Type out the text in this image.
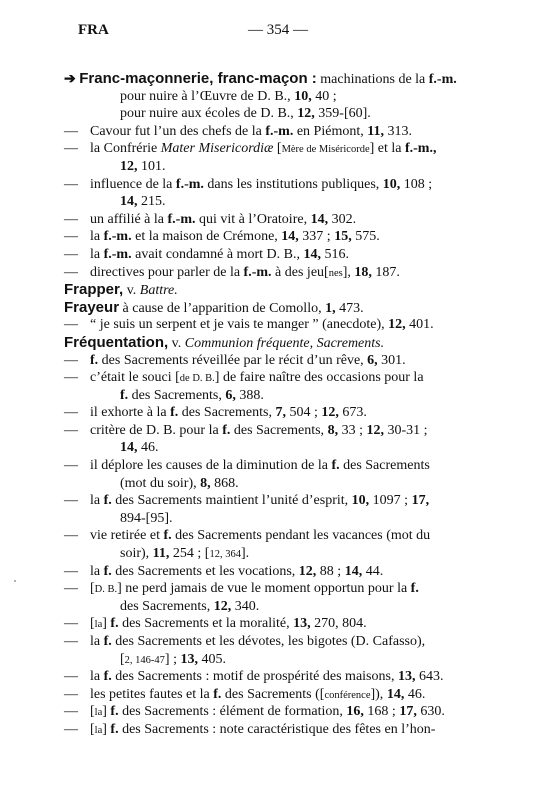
FRA	— 354 —
➔ Franc-maçonnerie, franc-maçon : machinations de la f.-m.
pour nuire à l’Œuvre de D. B., 10, 40 ;
pour nuire aux écoles de D. B., 12, 359-[60].
— Cavour fut l’un des chefs de la f.-m. en Piémont, 11, 313.
— la Confrérie Mater Misericordiæ [Mère de Miséricorde] et la f.-m.,
12, 101.
— influence de la f.-m. dans les institutions publiques, 10, 108 ;
14, 215.
— un affilié à la f.-m. qui vit à l’Oratoire, 14, 302.
— la f.-m. et la maison de Crémone, 14, 337 ; 15, 575.
— la f.-m. avait condamné à mort D. B., 14, 516.
— directives pour parler de la f.-m. à des jeu[nes], 18, 187.
Frapper, v. Battre.
Frayeur à cause de l’apparition de Comollo, 1, 473.
— “ je suis un serpent et je vais te manger ” (anecdote), 12, 401.
Fréquentation, v. Communion fréquente, Sacrements.
— f. des Sacrements réveillée par le récit d’un rêve, 6, 301.
— c’était le souci [de D. B.] de faire naître des occasions pour la
f. des Sacrements, 6, 388.
— il exhorte à la f. des Sacrements, 7, 504 ; 12, 673.
— critère de D. B. pour la f. des Sacrements, 8, 33 ; 12, 30-31 ;
14, 46.
— il déplore les causes de la diminution de la f. des Sacrements
(mot du soir), 8, 868.
— la f. des Sacrements maintient l’unité d’esprit, 10, 1097 ; 17,
894-[95].
— vie retirée et f. des Sacrements pendant les vacances (mot du
soir), 11, 254 ; [12, 364].
— la f. des Sacrements et les vocations, 12, 88 ; 14, 44.
— [D. B.] ne perd jamais de vue le moment opportun pour la f.
des Sacrements, 12, 340.
— [la] f. des Sacrements et la moralité, 13, 270, 804.
— la f. des Sacrements et les dévotes, les bigotes (D. Cafasso),
[2, 146-47] ; 13, 405.
— la f. des Sacrements : motif de prospérité des maisons, 13, 643.
— les petites fautes et la f. des Sacrements ([conférence]), 14, 46.
— [la] f. des Sacrements : élément de formation, 16, 168 ; 17, 630.
— [la] f. des Sacrements : note caractéristique des fêtes en l’hon-
